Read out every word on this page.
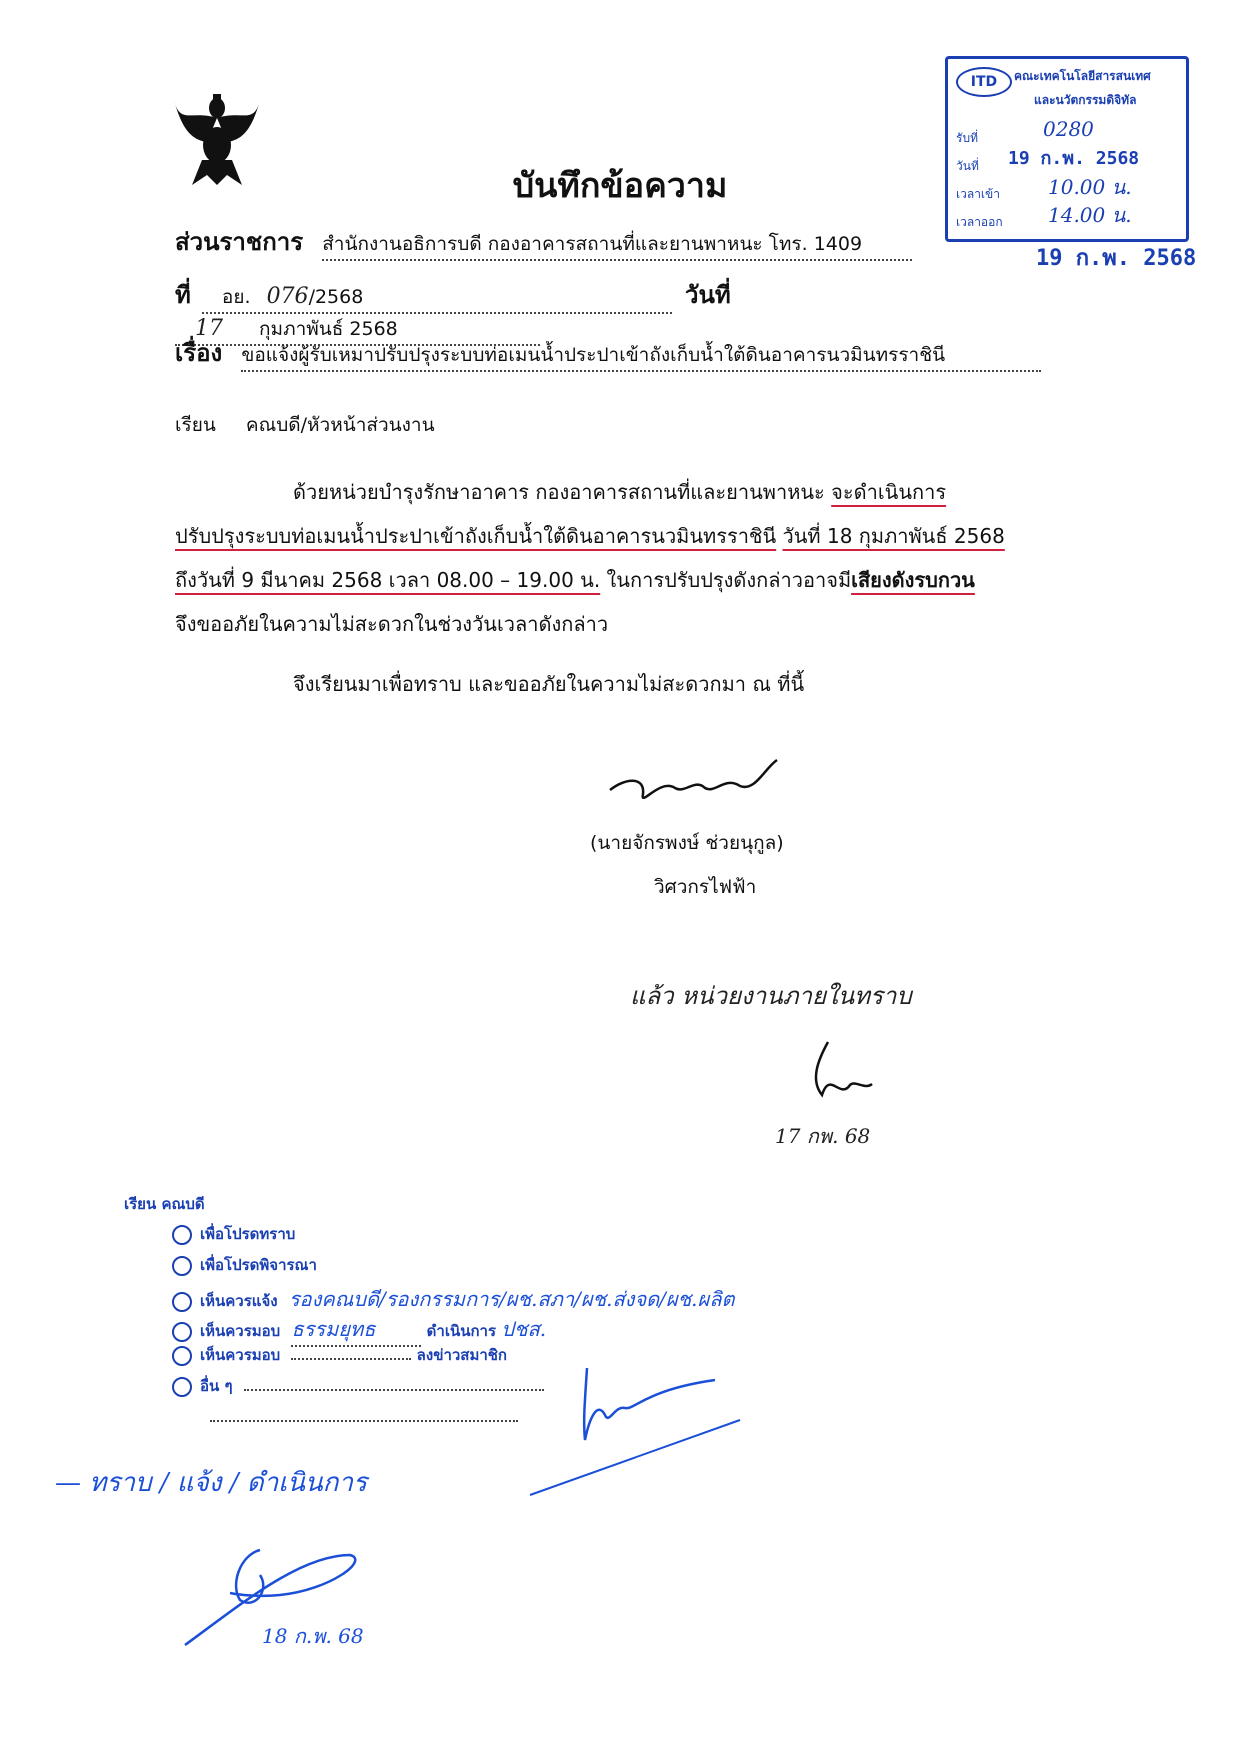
ITD	คณะเทคโนโลยีสารสนเทศ
และนวัตกรรมดิจิทัล
รับที่	0280
วันที่ 19 ก.พ. 2568
เวลาเข้า 10.00 น.
เวลาออก 14.00 น.
19 ก.พ. 2568
บันทึกข้อความ
ส่วนราชการ สำนักงานอธิการบดี กองอาคารสถานที่และยานพาหนะ โทร. 1409
ที่ อย. 076/2568	วันที่ 17 กุมภาพันธ์ 2568
เรื่อง ขอแจ้งผู้รับเหมาปรับปรุงระบบท่อเมนน้ำประปาเข้าถังเก็บน้ำใต้ดินอาคารนวมินทรราชินี
เรียน คณบดี/หัวหน้าส่วนงาน
ด้วยหน่วยบำรุงรักษาอาคาร กองอาคารสถานที่และยานพาหนะ จะดำเนินการ
ปรับปรุงระบบท่อเมนน้ำประปาเข้าถังเก็บน้ำใต้ดินอาคารนวมินทรราชินี วันที่ 18 กุมภาพันธ์ 2568
ถึงวันที่ 9 มีนาคม 2568 เวลา 08.00 – 19.00 น. ในการปรับปรุงดังกล่าวอาจมีเสียงดังรบกวน
จึงขออภัยในความไม่สะดวกในช่วงวันเวลาดังกล่าว
จึงเรียนมาเพื่อทราบ และขออภัยในความไม่สะดวกมา ณ ที่นี้
(นายจักรพงษ์ ช่วยนุกูล)
วิศวกรไฟฟ้า
แล้ว หน่วยงานภายในทราบ
17 กพ. 68
เรียน คณบดี
เพื่อโปรดทราบ
เพื่อโปรดพิจารณา
เห็นควรแจ้ง รองคณบดี/รองกรรมการ/ผช.สภา/ผช.ส่งจด/ผช.ผลิต
เห็นควรมอบ ธรรมยุทธ	ดำเนินการ ปชส.
เห็นควรมอบ	ลงข่าวสมาชิก
อื่น ๆ
— ทราบ / แจ้ง / ดำเนินการ
18 ก.พ. 68
